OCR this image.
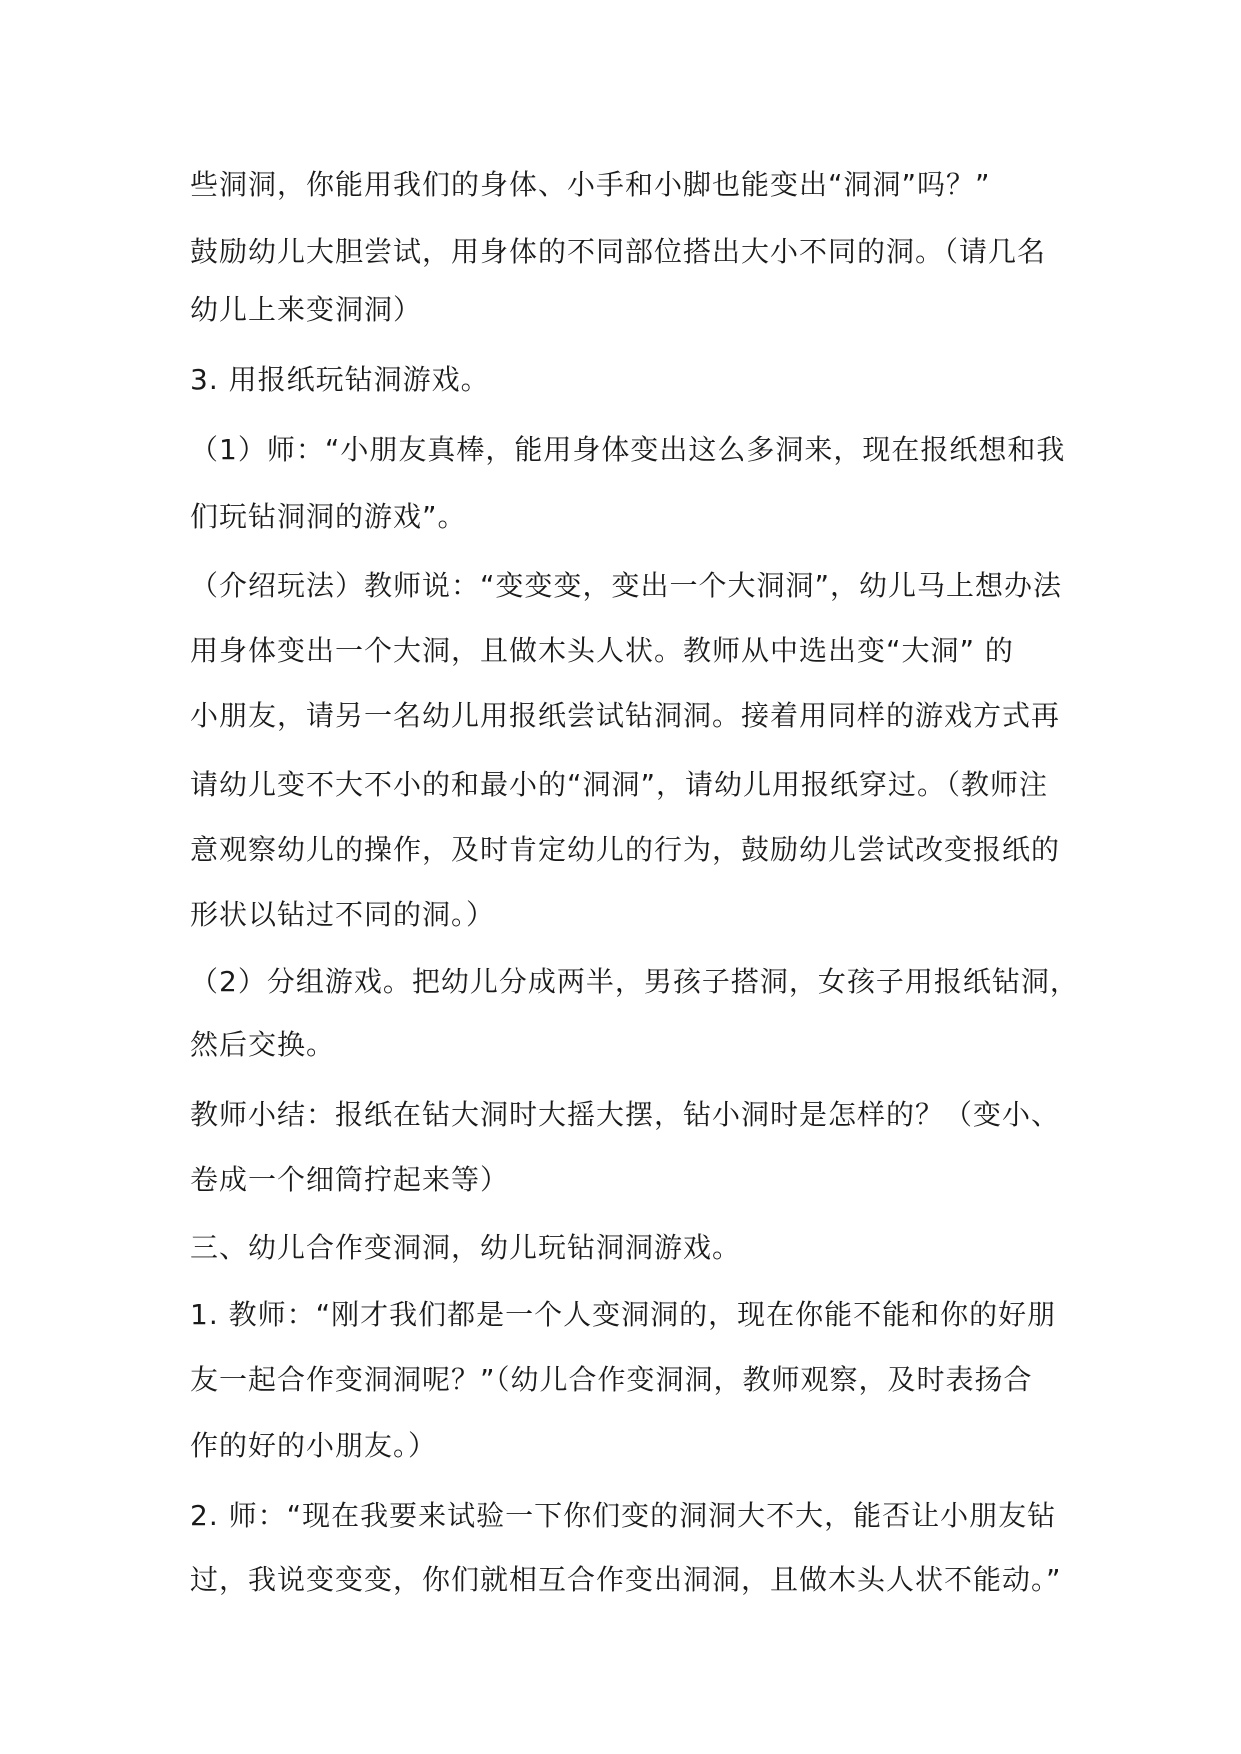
些洞洞，你能用我们的身体、小手和小脚也能变出“洞洞”吗？”
鼓励幼儿大胆尝试，用身体的不同部位搭出大小不同的洞。（请几名
幼儿上来变洞洞）
3. 用报纸玩钻洞游戏。
（1）师：“小朋友真棒，能用身体变出这么多洞来，现在报纸想和我
们玩钻洞洞的游戏”。
（介绍玩法）教师说：“变变变，变出一个大洞洞”，幼儿马上想办法
用身体变出一个大洞，且做木头人状。教师从中选出变“大洞” 的
小朋友，请另一名幼儿用报纸尝试钻洞洞。接着用同样的游戏方式再
请幼儿变不大不小的和最小的“洞洞”，请幼儿用报纸穿过。（教师注
意观察幼儿的操作，及时肯定幼儿的行为，鼓励幼儿尝试改变报纸的
形状以钻过不同的洞。）
（2）分组游戏。把幼儿分成两半，男孩子搭洞，女孩子用报纸钻洞，
然后交换。
教师小结：报纸在钻大洞时大摇大摆，钻小洞时是怎样的？（变小、
卷成一个细筒拧起来等）
三、幼儿合作变洞洞，幼儿玩钻洞洞游戏。
1. 教师：“刚才我们都是一个人变洞洞的，现在你能不能和你的好朋
友一起合作变洞洞呢？”（幼儿合作变洞洞，教师观察，及时表扬合
作的好的小朋友。）
2. 师：“现在我要来试验一下你们变的洞洞大不大，能否让小朋友钻
过，我说变变变，你们就相互合作变出洞洞，且做木头人状不能动。”
